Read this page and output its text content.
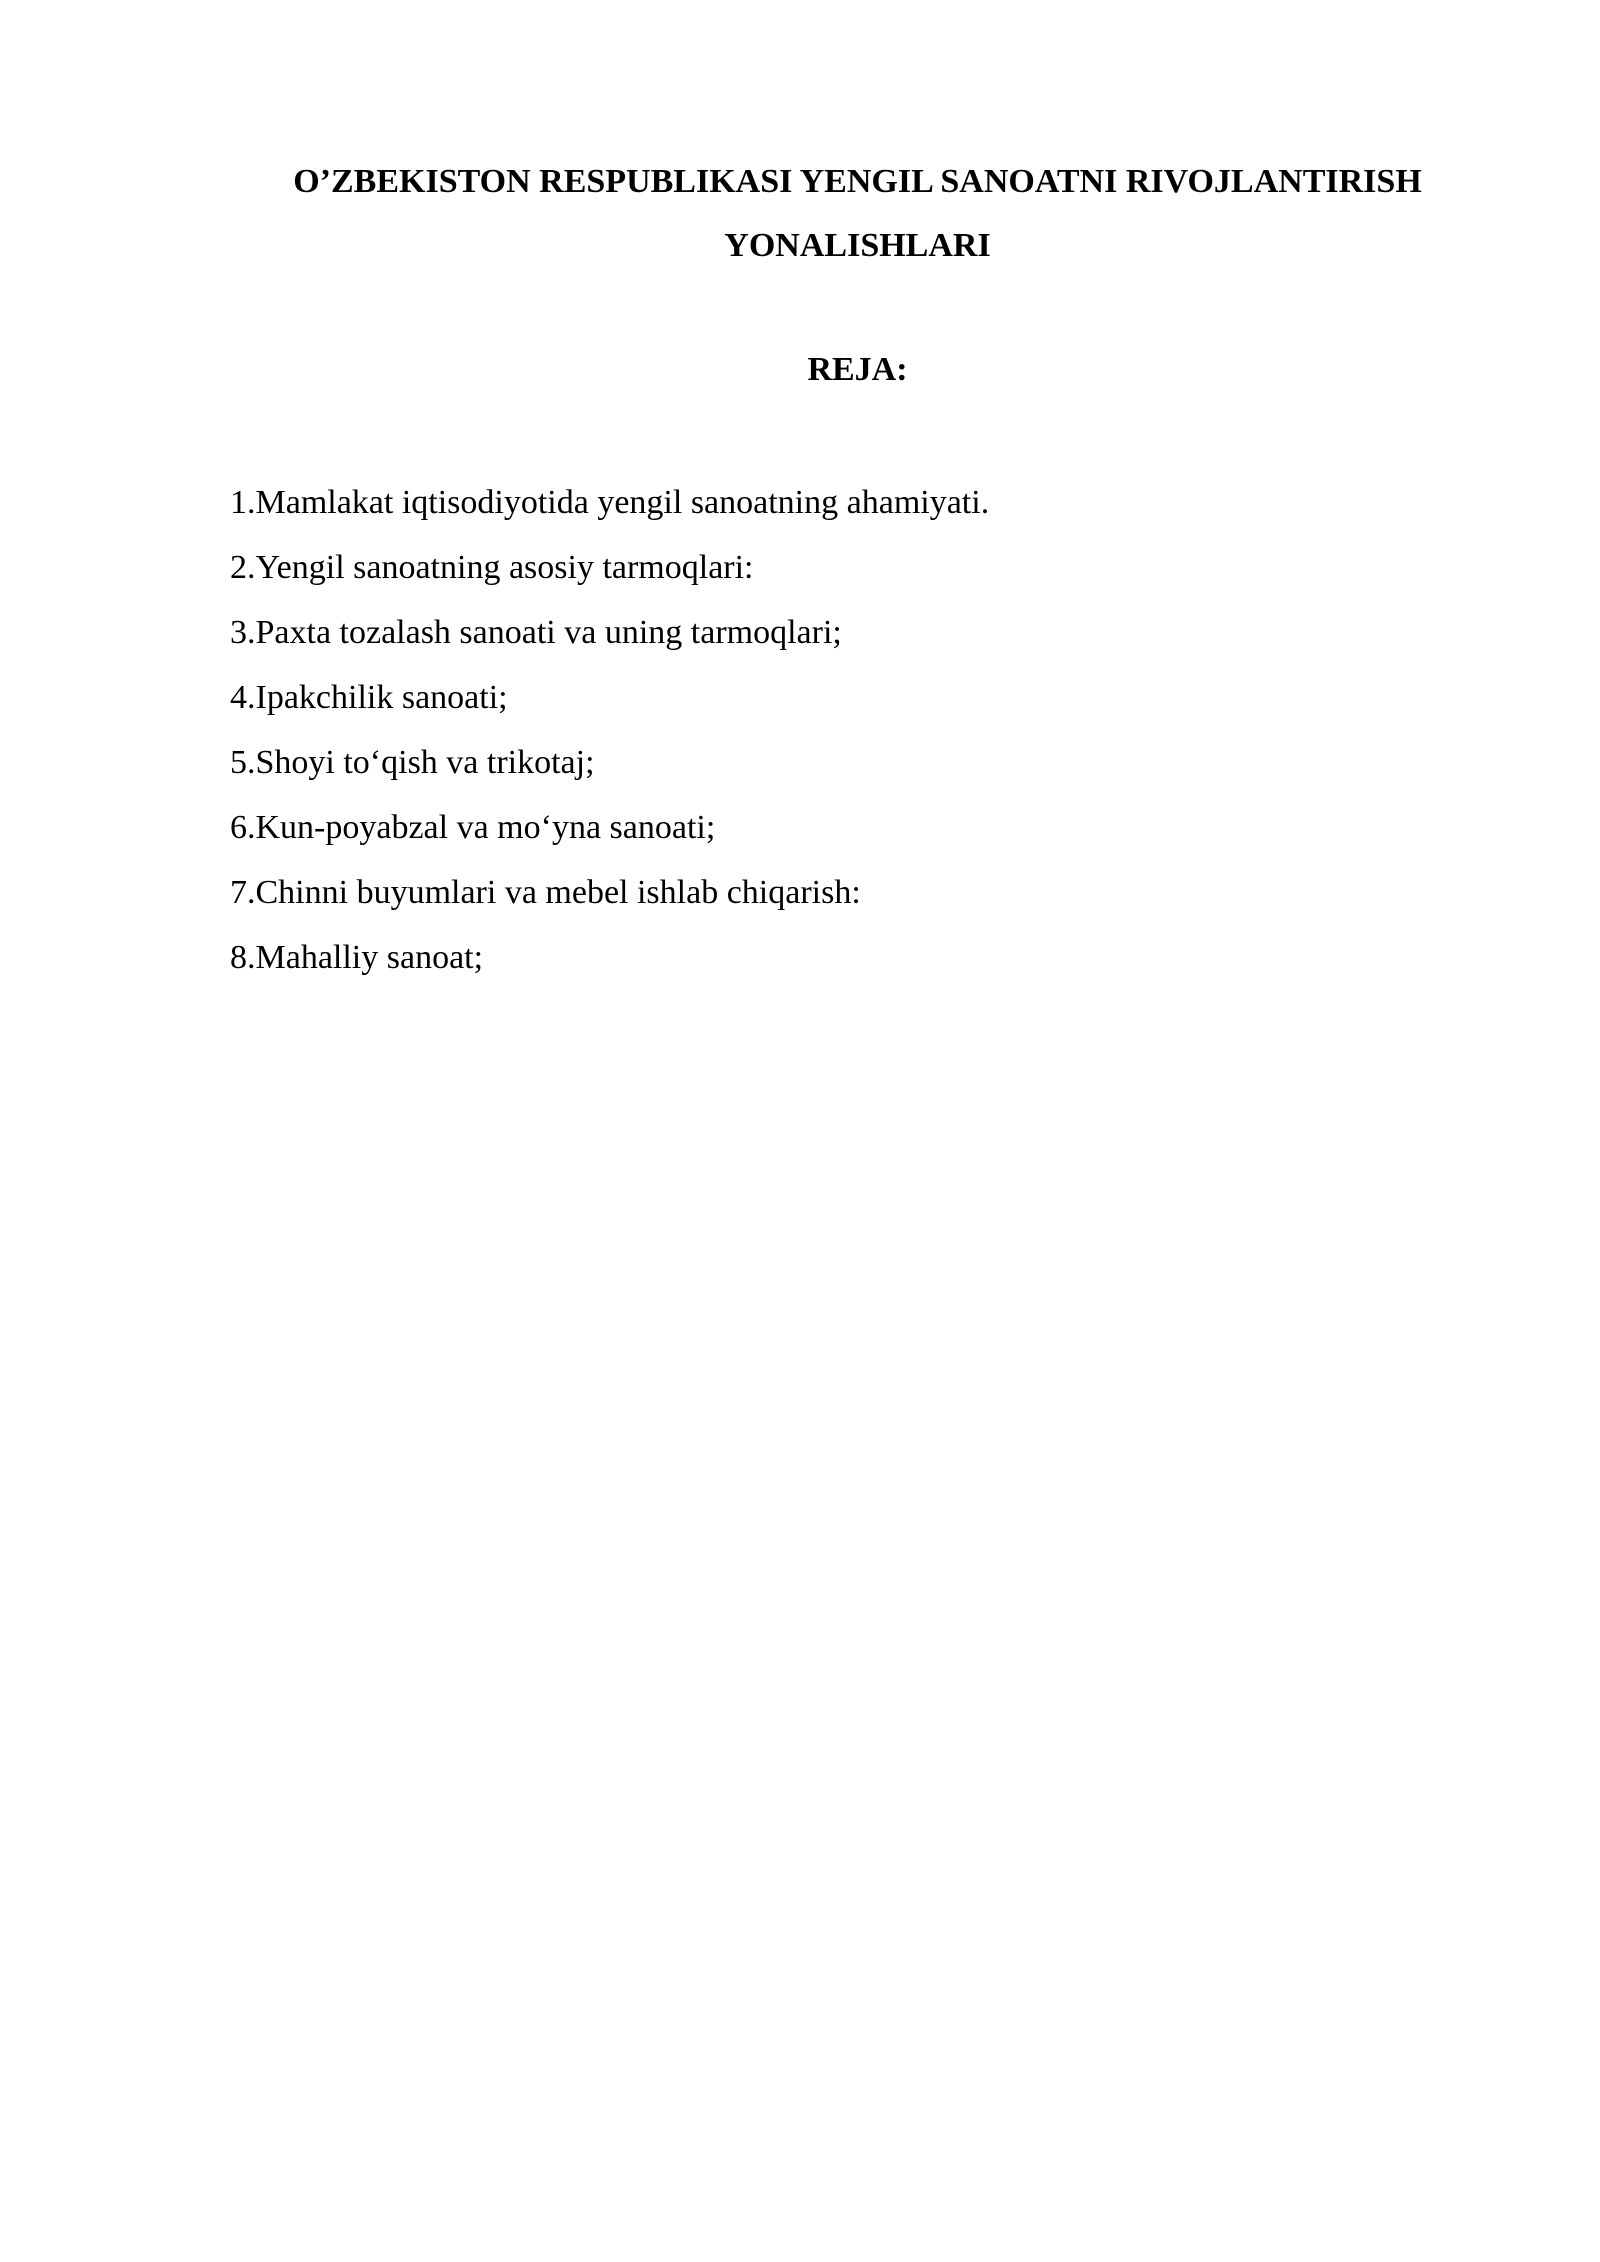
O’ZBEKISTON RESPUBLIKASI YENGIL SANOATNI RIVOJLANTIRISH
YONALISHLARI
REJA:
1.Mamlakat iqtisodiyotida yengil sanoatning ahamiyati.
2.Yengil sanoatning asosiy tarmoqlari:
3.Paxta tozalash sanoati va uning tarmoqlari;
4.Ipakchilik sanoati;
5.Shoyi to‘qish va trikotaj;
6.Kun-poyabzal va mo‘yna sanoati;
7.Chinni buyumlari va mebel ishlab chiqarish:
8.Mahalliy sanoat;
